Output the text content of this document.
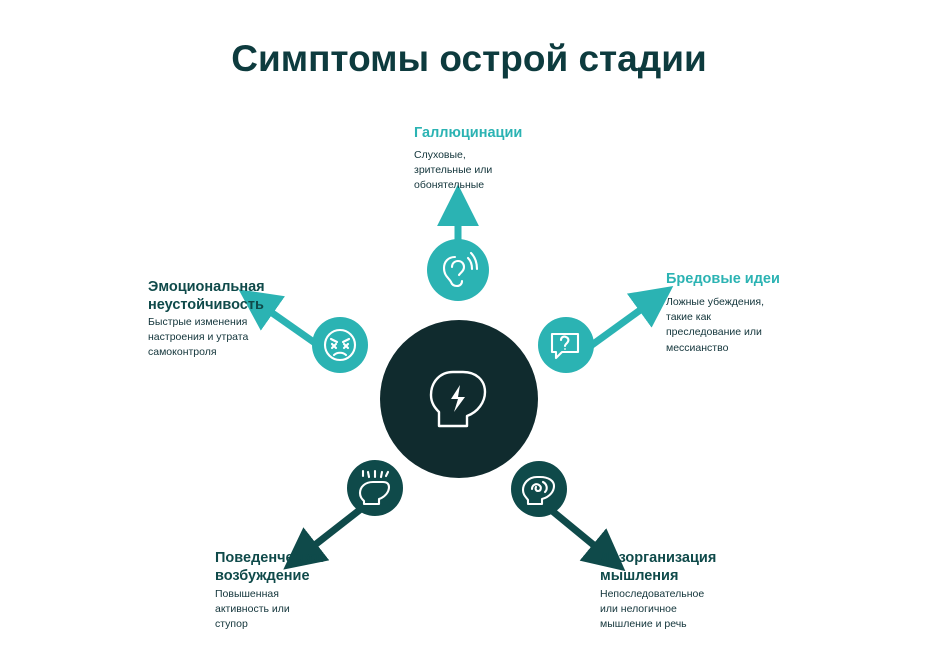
Симптомы острой стадии
Галлюцинации
Слуховые,
зрительные или
обонятельные
Бредовые идеи
Ложные убеждения,
такие как
преследование или
мессианство
Эмоциональная
неустойчивость
Быстрые изменения
настроения и утрата
самоконтроля
Поведенческое
возбуждение
Повышенная
активность или
ступор
Дезорганизация
мышления
Непоследовательное
или нелогичное
мышление и речь
